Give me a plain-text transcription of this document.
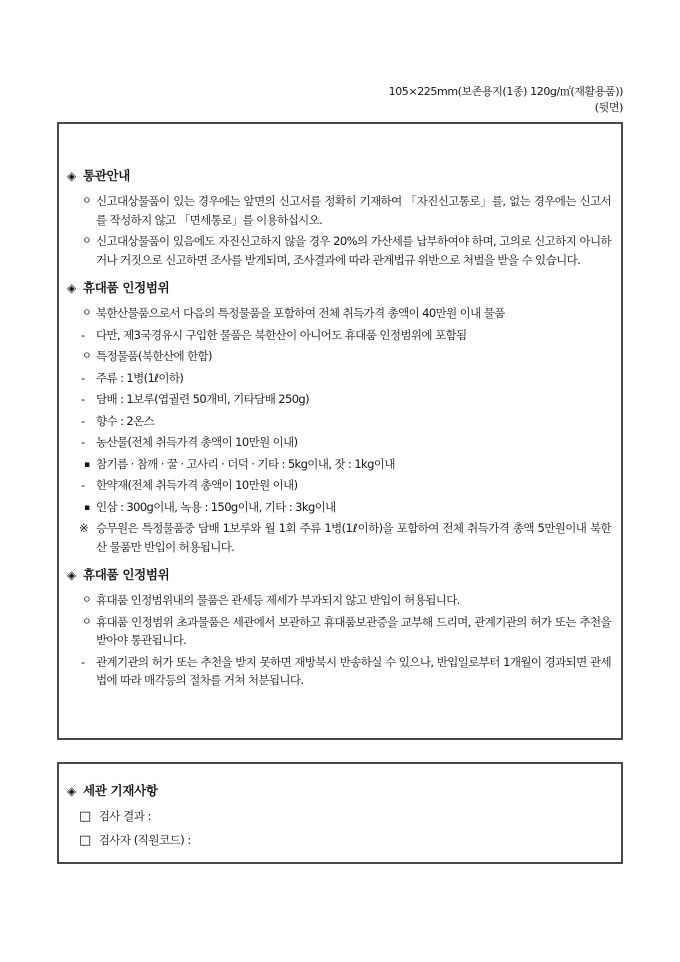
105×225mm(보존용지(1종) 120g/㎡(재활용품))
(뒷면)
◈ 통관안내
ㅇ 신고대상물품이 있는 경우에는 앞면의 신고서를 정확히 기재하여 「자진신고통로」를, 없는 경우에는 신고서를 작성하지 않고 「면세통로」를 이용하십시오.
ㅇ 신고대상물품이 있음에도 자진신고하지 않을 경우 20%의 가산세를 납부하여야 하며, 고의로 신고하지 아니하거나 거짓으로 신고하면 조사를 받게되며, 조사결과에 따라 관계법규 위반으로 처벌을 받을 수 있습니다.
◈ 휴대품 인정범위
ㅇ 북한산물품으로서 다음의 특정물품을 포함하여 전체 취득가격 총액이 40만원 이내 물품
- 다만, 제3국경유시 구입한 물품은 북한산이 아니어도 휴대품 인정범위에 포함됨
ㅇ 특정물품(북한산에 한함)
- 주류 : 1병(1ℓ이하)
- 담배 : 1보루(엽궐련 50개비, 기타담배 250g)
- 향수 : 2온스
- 농산물(전체 취득가격 총액이 10만원 이내)
▪ 참기름 · 참깨 · 꿀 · 고사리 · 더덕 · 기타 : 5kg이내, 잣 : 1kg이내
- 한약재(전체 취득가격 총액이 10만원 이내)
▪ 인삼 : 300g이내, 녹용 : 150g이내, 기타 : 3kg이내
※ 승무원은 특정물품중 담배 1보루와 월 1회 주류 1병(1ℓ이하)을 포함하여 전체 취득가격 총액 5만원이내 북한산 물품만 반입이 허용됩니다.
◈ 휴대품 인정범위
ㅇ 휴대품 인정범위내의 물품은 관세등 제세가 부과되지 않고 반입이 허용됩니다.
ㅇ 휴대품 인정범위 초과물품은 세관에서 보관하고 휴대품보관증을 교부해 드리며, 관계기관의 허가 또는 추천을 받아야 통관됩니다.
- 관계기관의 허가 또는 추천을 받지 못하면 재방북시 반송하실 수 있으나, 반입일로부터 1개월이 경과되면 관세법에 따라 매각등의 절차를 거쳐 처분됩니다.
◈ 세관 기재사항
□ 검사 결과 :
□ 검사자 (직원코드) :
